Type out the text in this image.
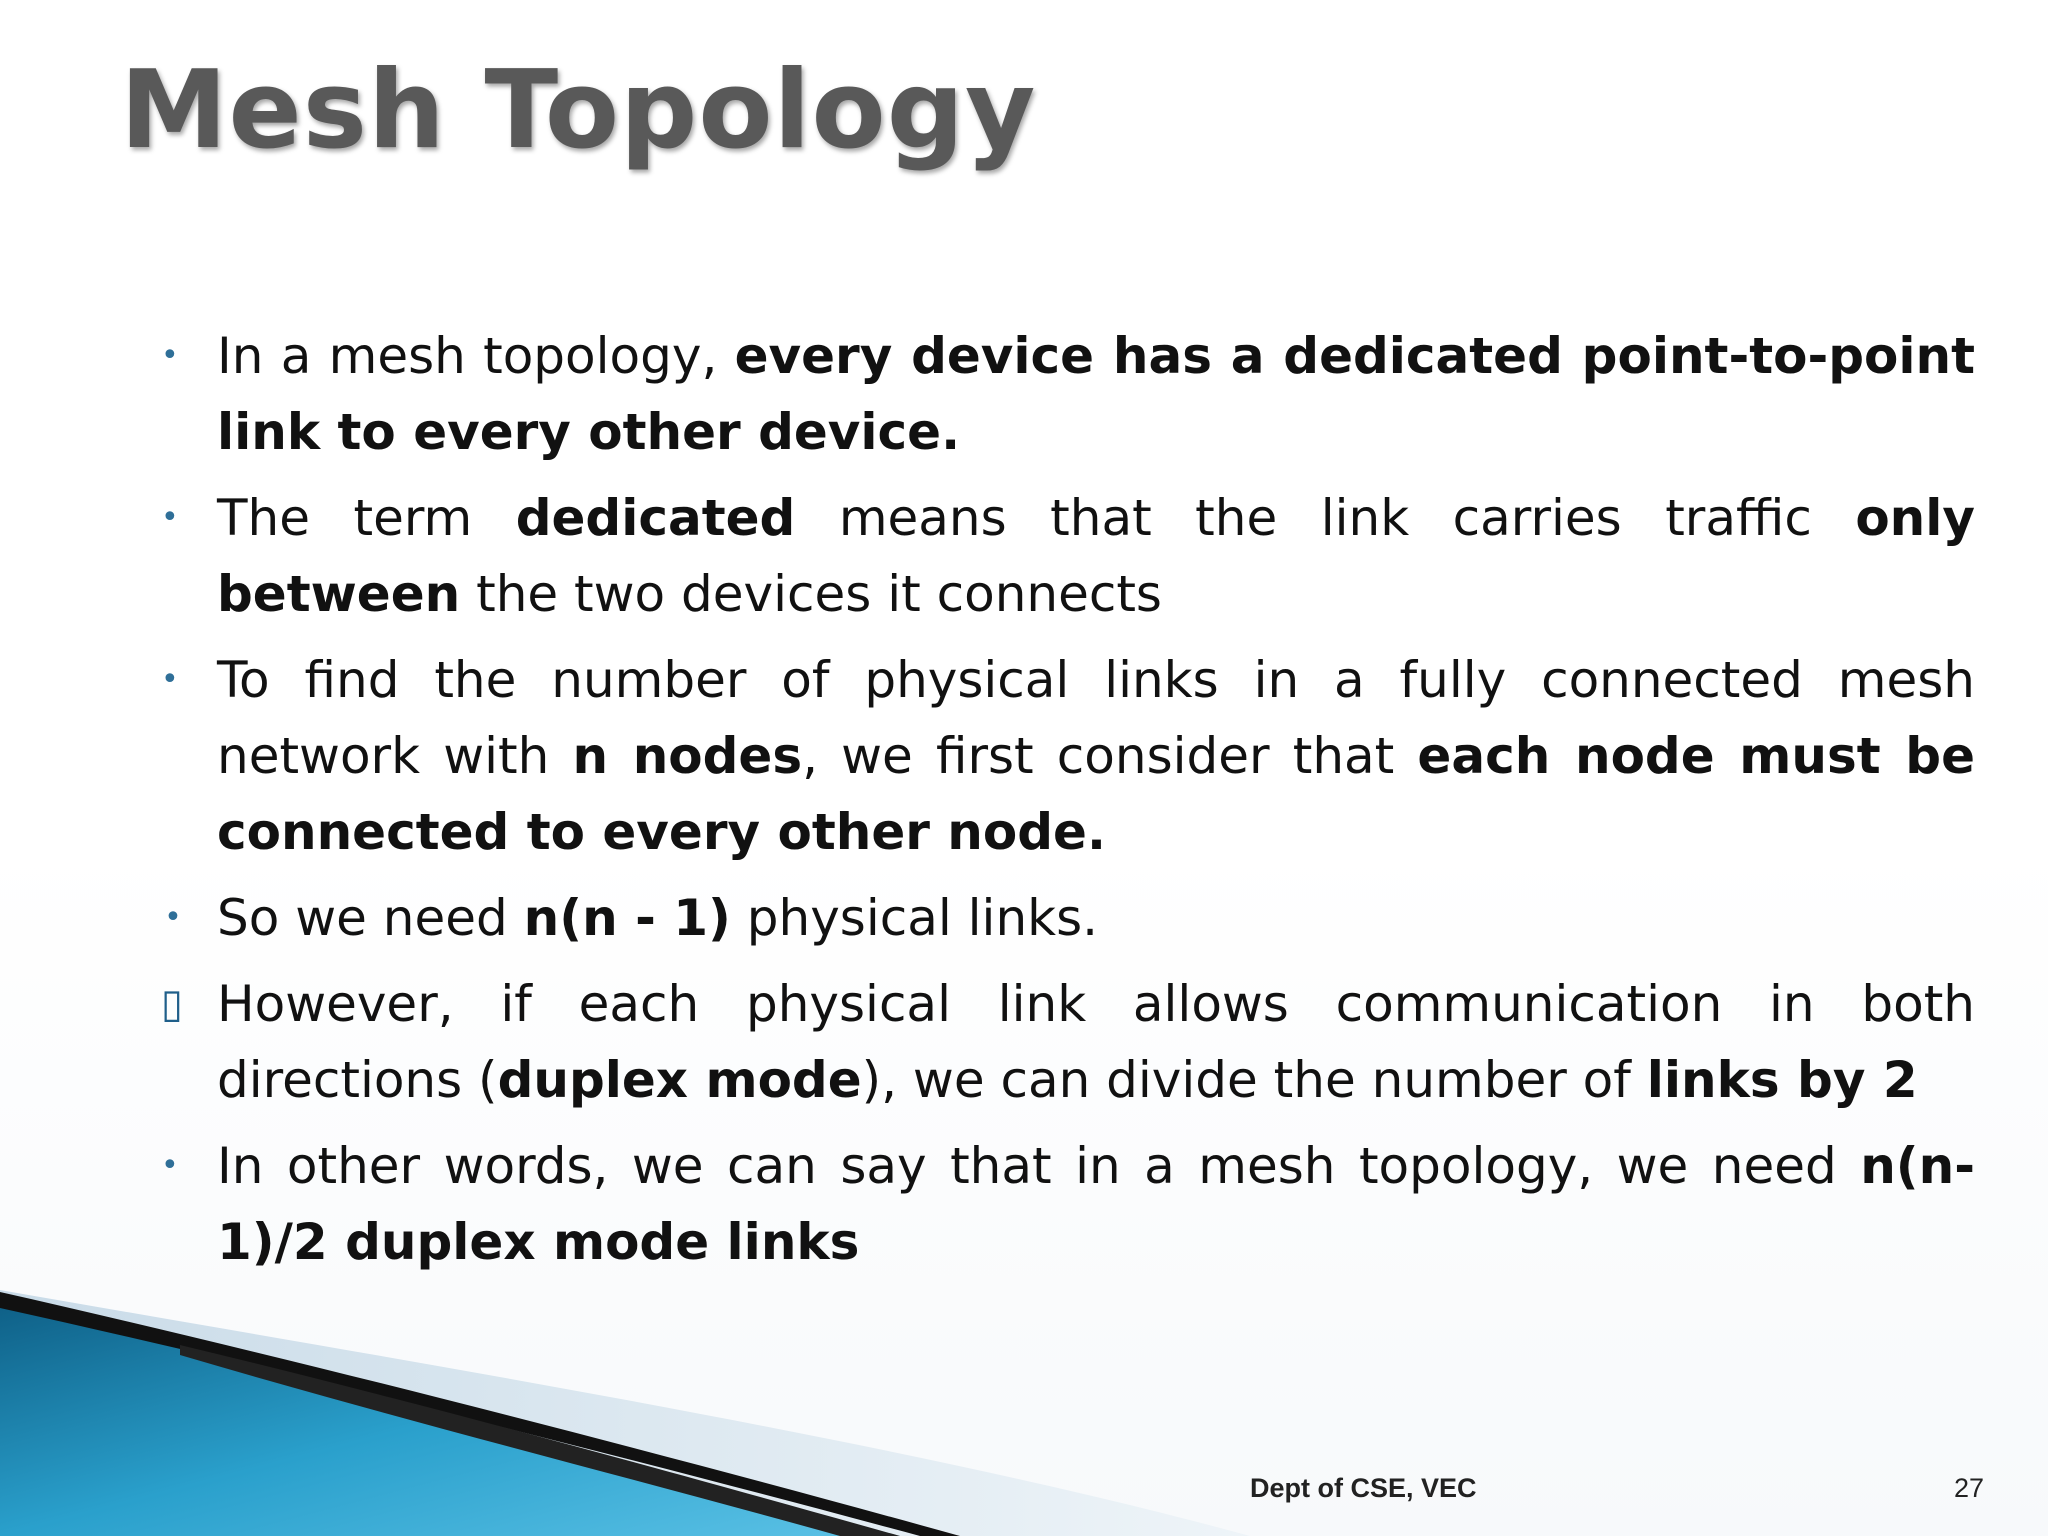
Mesh Topology
• In a mesh topology, every device has a dedicated point-to-point link to every other device.
• The term dedicated means that the link carries traffic only between the two devices it connects
• To find the number of physical links in a fully connected mesh network with n nodes, we first consider that each node must be connected to every other node.
• So we need n(n - 1) physical links.
▯ However, if each physical link allows communication in both directions (duplex mode), we can divide the number of links by 2
• In other words, we can say that in a mesh topology, we need n(n-1)/2 duplex mode links
Dept of CSE, VEC	27
